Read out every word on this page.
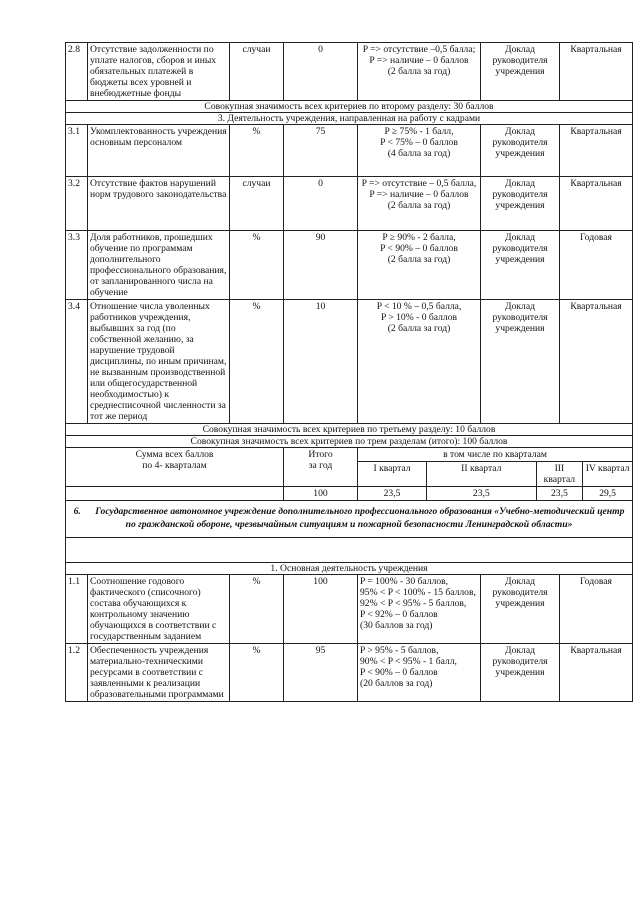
2.8	Отсутствие задолженности по уплате налогов, сборов и иных обязательных платежей в бюджеты всех уровней и внебюджетные фонды	случаи	0	P => отсутствие –0,5 балла;
P => наличие – 0 баллов
(2 балла за год)	Доклад руководителя учреждения	Квартальная
Совокупная значимость всех критериев по второму разделу: 30 баллов
3. Деятельность учреждения, направленная на работу с кадрами
3.1	Укомплектованность учреждения основным персоналом	%	75	P ≥ 75% - 1 балл,
P < 75% – 0 баллов
(4 балла за год)	Доклад руководителя учреждения	Квартальная
3.2	Отсутствие фактов нарушений норм трудового законодательства	случаи	0	P => отсутствие – 0,5 балла,
P => наличие – 0 баллов
(2 балла за год)	Доклад руководителя учреждения	Квартальная
3.3	Доля работников, прошедших обучение по программам дополнительного профессионального образования, от запланированного числа на обучение	%	90	P ≥ 90% - 2 балла,
P < 90% – 0 баллов
(2 балла за год)	Доклад руководителя учреждения	Годовая
3.4	Отношение числа уволенных работников учреждения, выбывших за год (по собственной желанию, за нарушение трудовой дисциплины, по иным причинам, не вызванным производственной или общегосударственной необходимостью) к среднесписочной численности за тот же период	%	10	P < 10 % – 0,5 балла,
P > 10% - 0 баллов
(2 балла за год)	Доклад руководителя учреждения	Квартальная
Совокупная значимость всех критериев по третьему разделу: 10 баллов
Совокупная значимость всех критериев по трем разделам (итого): 100 баллов
Сумма всех баллов
по 4- кварталам	Итого
за год	в том числе по кварталам

I квартал	II квартал	III квартал	IV квартал

	100		23,5	23,5	23,5	29,5

6. Государственное автономное учреждение дополнительного профессионального образования «Учебно-методический центр по гражданской обороне, чрезвычайным ситуациям и пожарной безопасности Ленинградской области»

1. Основная деятельность учреждения
1.1	Соотношение годового фактического (списочного) состава обучающихся к контрольному значению обучающихся в соответствии с государственным заданием	%	100	P = 100% - 30 баллов,
95% < P < 100% - 15 баллов,
92% < P < 95% - 5 баллов,
P < 92% – 0 баллов
(30 баллов за год)	Доклад руководителя учреждения	Годовая
1.2	Обеспеченность учреждения материально-техническими ресурсами в соответствии с заявленными к реализации образовательными программами	%	95	P > 95% - 5 баллов,
90% < P < 95% - 1 балл,
P < 90% – 0 баллов
(20 баллов за год)	Доклад руководителя учреждения	Квартальная
